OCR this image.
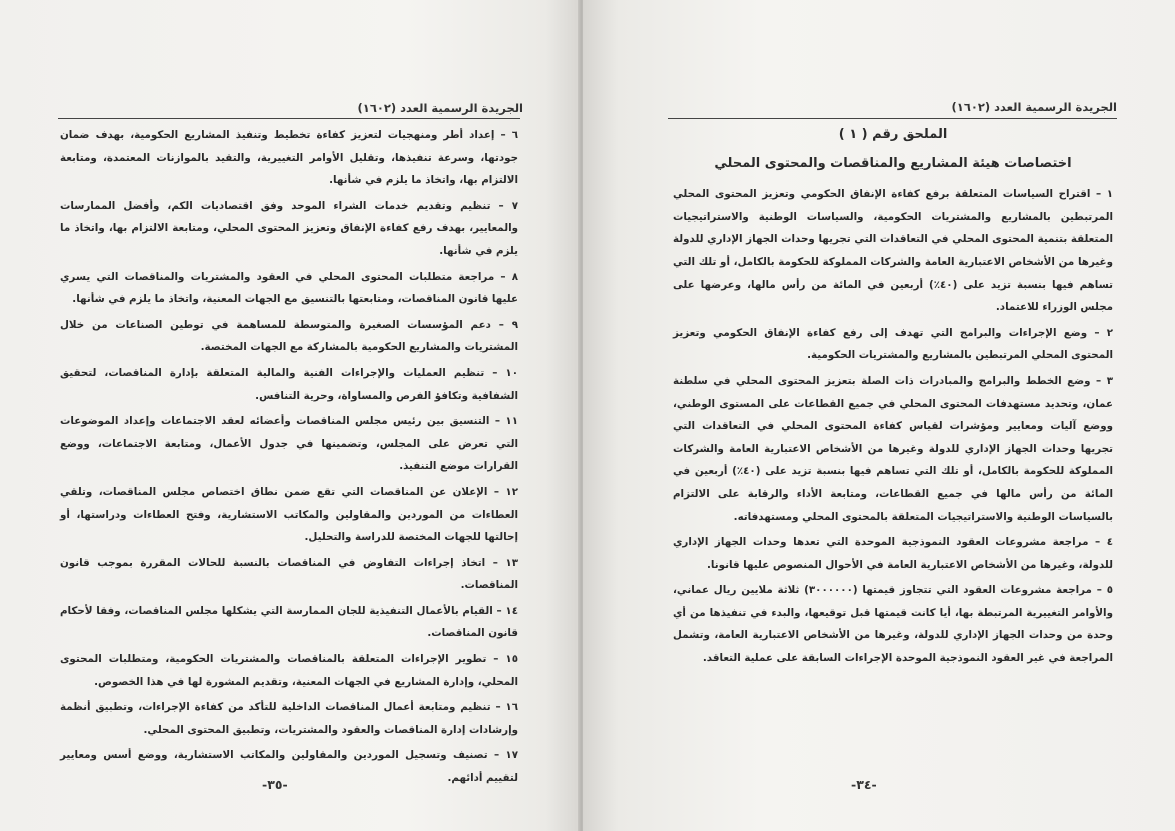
الجريدة الرسمية العدد (١٦٠٢)

٦ – إعداد أطر ومنهجيات لتعزيز كفاءة تخطيط وتنفيذ المشاريع الحكومية، بهدف ضمان جودتها، وسرعة تنفيذها، وتقليل الأوامر التغييرية، والتقيد بالموازنات المعتمدة، ومتابعة الالتزام بها، واتخاذ ما يلزم في شأنها.

٧ – تنظيم وتقديم خدمات الشراء الموحد وفق اقتصاديات الكم، وأفضل الممارسات والمعايير، بهدف رفع كفاءة الإنفاق وتعزيز المحتوى المحلي، ومتابعة الالتزام بها، واتخاذ ما يلزم في شأنها.

٨ – مراجعة متطلبات المحتوى المحلي في العقود والمشتريات والمناقصات التي يسري عليها قانون المناقصات، ومتابعتها بالتنسيق مع الجهات المعنية، واتخاذ ما يلزم في شأنها.

٩ – دعم المؤسسات الصغيرة والمتوسطة للمساهمة في توطين الصناعات من خلال المشتريات والمشاريع الحكومية بالمشاركة مع الجهات المختصة.

١٠ – تنظيم العمليات والإجراءات الفنية والمالية المتعلقة بإدارة المناقصات، لتحقيق الشفافية وتكافؤ الفرص والمساواة، وحرية التنافس.

١١ – التنسيق بين رئيس مجلس المناقصات وأعضائه لعقد الاجتماعات وإعداد الموضوعات التي تعرض على المجلس، وتضمينها في جدول الأعمال، ومتابعة الاجتماعات، ووضع القرارات موضع التنفيذ.

١٢ – الإعلان عن المناقصات التي تقع ضمن نطاق اختصاص مجلس المناقصات، وتلقي العطاءات من الموردين والمقاولين والمكاتب الاستشارية، وفتح العطاءات ودراستها، أو إحالتها للجهات المختصة للدراسة والتحليل.

١٣ – اتخاذ إجراءات التفاوض في المناقصات بالنسبة للحالات المقررة بموجب قانون المناقصات.

١٤ – القيام بالأعمال التنفيذية للجان الممارسة التي يشكلها مجلس المناقصات، وفقا لأحكام قانون المناقصات.

١٥ – تطوير الإجراءات المتعلقة بالمناقصات والمشتريات الحكومية، ومتطلبات المحتوى المحلي، وإدارة المشاريع في الجهات المعنية، وتقديم المشورة لها في هذا الخصوص.

١٦ – تنظيم ومتابعة أعمال المناقصات الداخلية للتأكد من كفاءة الإجراءات، وتطبيق أنظمة وإرشادات إدارة المناقصات والعقود والمشتريات، وتطبيق المحتوى المحلي.

١٧ – تصنيف وتسجيل الموردين والمقاولين والمكاتب الاستشارية، ووضع أسس ومعايير لتقييم أدائهم.

-٣٥-
الجريدة الرسمية العدد (١٦٠٢)

الملحق رقم ( ١ )

اختصاصات هيئة المشاريع والمناقصات والمحتوى المحلي

١ – اقتراح السياسات المتعلقة برفع كفاءة الإنفاق الحكومي وتعزيز المحتوى المحلي المرتبطين بالمشاريع والمشتريات الحكومية، والسياسات الوطنية والاستراتيجيات المتعلقة بتنمية المحتوى المحلي في التعاقدات التي تجريها وحدات الجهاز الإداري للدولة وغيرها من الأشخاص الاعتبارية العامة والشركات المملوكة للحكومة بالكامل، أو تلك التي تساهم فيها بنسبة تزيد على (٤٠٪) أربعين في المائة من رأس مالها، وعرضها على مجلس الوزراء للاعتماد.

٢ – وضع الإجراءات والبرامج التي تهدف إلى رفع كفاءة الإنفاق الحكومي وتعزيز المحتوى المحلي المرتبطين بالمشاريع والمشتريات الحكومية.

٣ – وضع الخطط والبرامج والمبادرات ذات الصلة بتعزيز المحتوى المحلي في سلطنة عمان، وتحديد مستهدفات المحتوى المحلي في جميع القطاعات على المستوى الوطني، ووضع آليات ومعايير ومؤشرات لقياس كفاءة المحتوى المحلي في التعاقدات التي تجريها وحدات الجهاز الإداري للدولة وغيرها من الأشخاص الاعتبارية العامة والشركات المملوكة للحكومة بالكامل، أو تلك التي تساهم فيها بنسبة تزيد على (٤٠٪) أربعين في المائة من رأس مالها في جميع القطاعات، ومتابعة الأداء والرقابة على الالتزام بالسياسات الوطنية والاستراتيجيات المتعلقة بالمحتوى المحلي ومستهدفاته.

٤ – مراجعة مشروعات العقود النموذجية الموحدة التي تعدها وحدات الجهاز الإداري للدولة، وغيرها من الأشخاص الاعتبارية العامة في الأحوال المنصوص عليها قانونا.

٥ – مراجعة مشروعات العقود التي تتجاوز قيمتها (٣٠٠٠٠٠٠) ثلاثة ملايين ريال عماني، والأوامر التغييرية المرتبطة بها، أيا كانت قيمتها قبل توقيعها، والبدء في تنفيذها من أي وحدة من وحدات الجهاز الإداري للدولة، وغيرها من الأشخاص الاعتبارية العامة، وتشمل المراجعة في غير العقود النموذجية الموحدة الإجراءات السابقة على عملية التعاقد.

-٣٤-
